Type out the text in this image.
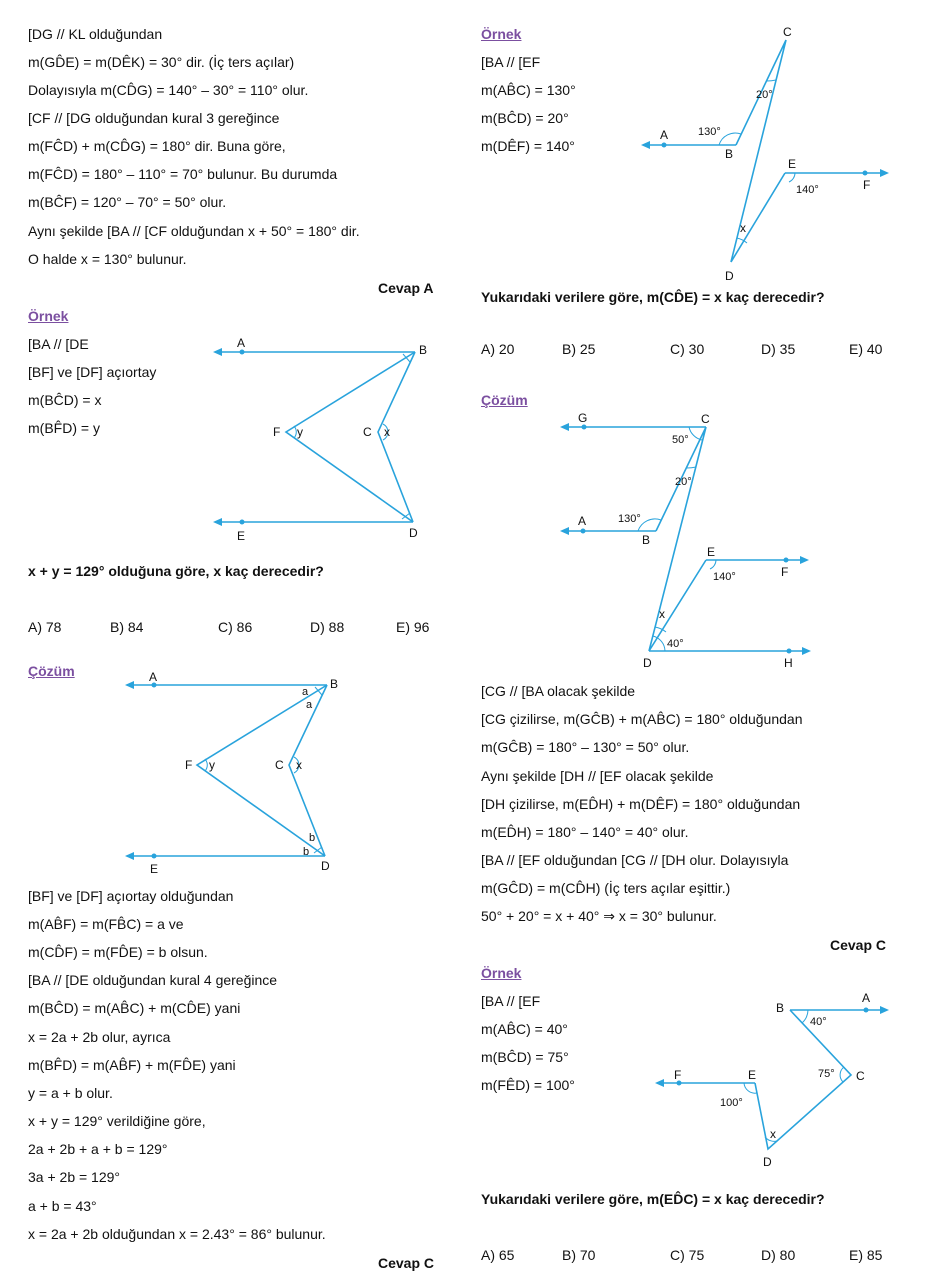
[DG // KL olduğundan
m(GD̂E) = m(DÊK) = 30° dir. (İç ters açılar)
Dolayısıyla m(CD̂G) = 140° – 30° = 110° olur.
[CF // [DG olduğundan kural 3 gereğince
m(FĈD) + m(CD̂G) = 180° dir. Buna göre,
m(FĈD) = 180° – 110° = 70° bulunur. Bu durumda
m(BĈF) = 120° – 70° = 50° olur.
Aynı şekilde [BA // [CF olduğundan x + 50° = 180° dir.
O halde x = 130° bulunur.
Cevap A
Örnek
[BA // [DE
[BF] ve [DF] açıortay
m(BĈD) = x
m(BF̂D) = y
A	B
C x
F y
E	D
x + y = 129° olduğuna göre, x kaç derecedir?
A) 78	B) 84	C) 86	D) 88	E) 96
Çözüm	A	B
a
a
C x
F y
b
b
E	D
[BF] ve [DF] açıortay olduğundan
m(AB̂F) = m(FB̂C) = a ve
m(CD̂F) = m(FD̂E) = b olsun.
[BA // [DE olduğundan kural 4 gereğince
m(BĈD) = m(AB̂C) + m(CD̂E) yani
x = 2a + 2b olur, ayrıca
m(BF̂D) = m(AB̂F) + m(FD̂E) yani
y = a + b olur.
x + y = 129° verildiğine göre,
2a + 2b + a + b = 129°
3a + 2b = 129°
a + b = 43°
x = 2a + 2b olduğundan x = 2.43° = 86° bulunur.
Cevap C
Örnek
[BA // [EF
m(AB̂C) = 130°
m(BĈD) = 20°
m(DÊF) = 140°
C
20°
A	130°
B
E
140°	F
x
D
Yukarıdaki verilere göre, m(CD̂E) = x kaç derecedir?
A) 20	B) 25	C) 30	D) 35	E) 40
Çözüm
G	C
50°
20°
A	130°
B
E
140°	F
x
40°
D	H
[CG // [BA olacak şekilde
[CG çizilirse, m(GĈB) + m(AB̂C) = 180° olduğundan
m(GĈB) = 180° – 130° = 50° olur.
Aynı şekilde [DH // [EF olacak şekilde
[DH çizilirse, m(ED̂H) + m(DÊF) = 180° olduğundan
m(ED̂H) = 180° – 140° = 40° olur.
[BA // [EF olduğundan [CG // [DH olur. Dolayısıyla
m(GĈD) = m(CD̂H) (İç ters açılar eşittir.)
50° + 20° = x + 40° ⇒ x = 30° bulunur.
Cevap C
Örnek
[BA // [EF
m(AB̂C) = 40°
m(BĈD) = 75°
m(FÊD) = 100°
B
40°
A
75° C
F	E
100°
x
D
Yukarıdaki verilere göre, m(ED̂C) = x kaç derecedir?
A) 65	B) 70	C) 75	D) 80	E) 85
